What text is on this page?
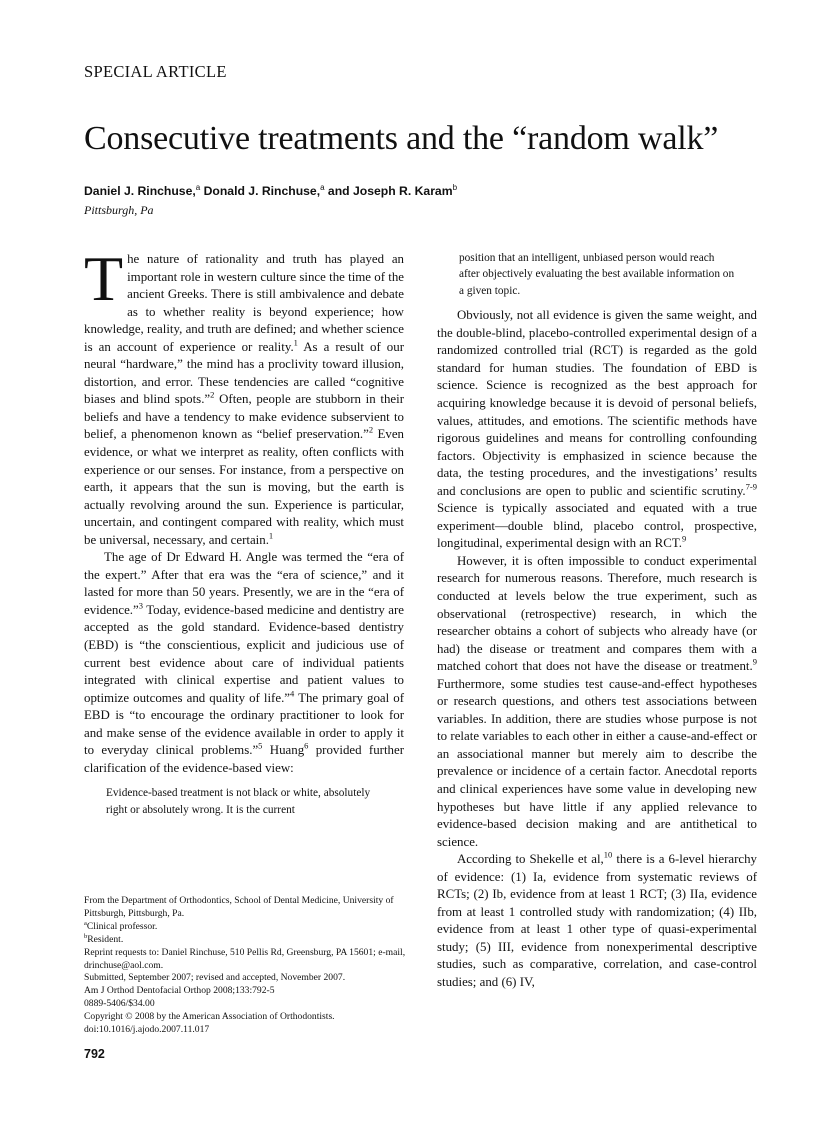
SPECIAL ARTICLE
Consecutive treatments and the “random walk”
Daniel J. Rinchuse,$^a$ Donald J. Rinchuse,$^a$ and Joseph R. Karam$^b$
Pittsburgh, Pa

The nature of rationality and truth has played an important role in western culture since the time of the ancient Greeks. There is still ambivalence and debate as to whether reality is beyond experience; how knowledge, reality, and truth are defined; and whether science is an account of experience or reality.$^1$ As a result of our neural “hardware,” the mind has a proclivity toward illusion, distortion, and error. These tendencies are called “cognitive biases and blind spots.”$^2$ Often, people are stubborn in their beliefs and have a tendency to make evidence subservient to belief, a phenomenon known as “belief preservation.”$^2$ Even evidence, or what we interpret as reality, often conflicts with experience or our senses. For instance, from a perspective on earth, it appears that the sun is moving, but the earth is actually revolving around the sun. Experience is particular, uncertain, and contingent compared with reality, which must be universal, necessary, and certain.$^1$

The age of Dr Edward H. Angle was termed the “era of the expert.” After that era was the “era of science,” and it lasted for more than 50 years. Presently, we are in the “era of evidence.”$^3$ Today, evidence-based medicine and dentistry are accepted as the gold standard. Evidence-based dentistry (EBD) is “the conscientious, explicit and judicious use of current best evidence about care of individual patients integrated with clinical expertise and patient values to optimize outcomes and quality of life.”$^4$ The primary goal of EBD is “to encourage the ordinary practitioner to look for and make sense of the evidence available in order to apply it to everyday clinical problems.”$^5$ Huang$^6$ provided further clarification of the evidence-based view:

Evidence-based treatment is not black or white, absolutely right or absolutely wrong. It is the current
position that an intelligent, unbiased person would reach after objectively evaluating the best available information on a given topic.

Obviously, not all evidence is given the same weight, and the double-blind, placebo-controlled experimental design of a randomized controlled trial (RCT) is regarded as the gold standard for human studies. The foundation of EBD is science. Science is recognized as the best approach for acquiring knowledge because it is devoid of personal beliefs, values, attitudes, and emotions. The scientific methods have rigorous guidelines and means for controlling confounding factors. Objectivity is emphasized in science because the data, the testing procedures, and the investigations’ results and conclusions are open to public and scientific scrutiny.$^{7-9}$ Science is typically associated and equated with a true experiment—double blind, placebo control, prospective, longitudinal, experimental design with an RCT.$^9$

However, it is often impossible to conduct experimental research for numerous reasons. Therefore, much research is conducted at levels below the true experiment, such as observational (retrospective) research, in which the researcher obtains a cohort of subjects who already have (or had) the disease or treatment and compares them with a matched cohort that does not have the disease or treatment.$^9$ Furthermore, some studies test cause-and-effect hypotheses or research questions, and others test associations between variables. In addition, there are studies whose purpose is not to relate variables to each other in either a cause-and-effect or an associational manner but merely aim to describe the prevalence or incidence of a certain factor. Anecdotal reports and clinical experiences have some value in developing new hypotheses but have little if any applied relevance to evidence-based decision making and are antithetical to science.

According to Shekelle et al,$^{10}$ there is a 6-level hierarchy of evidence: (1) Ia, evidence from systematic reviews of RCTs; (2) Ib, evidence from at least 1 RCT; (3) IIa, evidence from at least 1 controlled study with randomization; (4) IIb, evidence from at least 1 other type of quasi-experimental study; (5) III, evidence from nonexperimental descriptive studies, such as comparative, correlation, and case-control studies; and (6) IV,

From the Department of Orthodontics, School of Dental Medicine, University of Pittsburgh, Pittsburgh, Pa.
$^a$Clinical professor.
$^b$Resident.
Reprint requests to: Daniel Rinchuse, 510 Pellis Rd, Greensburg, PA 15601; e-mail, drinchuse@aol.com.
Submitted, September 2007; revised and accepted, November 2007.
Am J Orthod Dentofacial Orthop 2008;133:792-5
0889-5406/$34.00
Copyright © 2008 by the American Association of Orthodontists.
doi:10.1016/j.ajodo.2007.11.017
792
